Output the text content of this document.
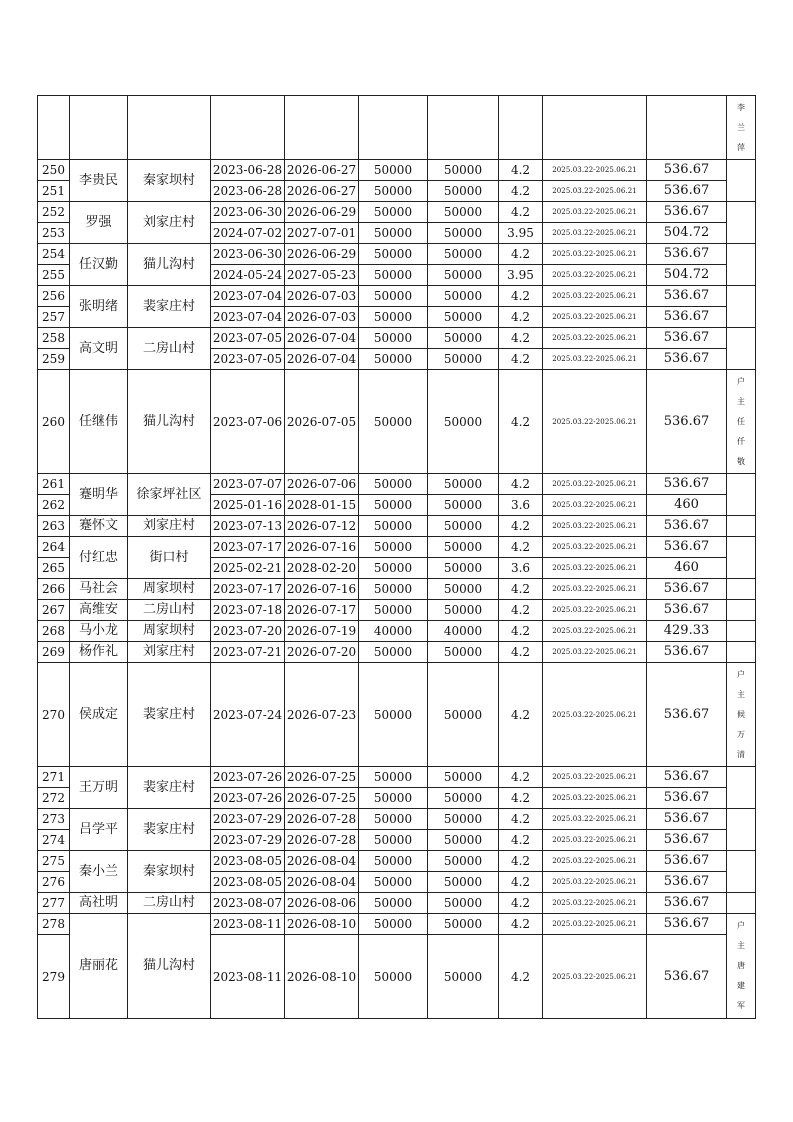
										李
兰
萍

250	李贵民	秦家坝村	2023-06-28	2026-06-27	50000	50000	4.2	2025.03.22-2025.06.21	536.67	
251			2023-06-28	2026-06-27	50000	50000	4.2	2025.03.22-2025.06.21	536.67	
252	罗强	刘家庄村	2023-06-30	2026-06-29	50000	50000	4.2	2025.03.22-2025.06.21	536.67	
253			2024-07-02	2027-07-01	50000	50000	3.95	2025.03.22-2025.06.21	504.72	
254	任汉勤	猫儿沟村	2023-06-30	2026-06-29	50000	50000	4.2	2025.03.22-2025.06.21	536.67	
255			2024-05-24	2027-05-23	50000	50000	3.95	2025.03.22-2025.06.21	504.72	
256	张明绪	裴家庄村	2023-07-04	2026-07-03	50000	50000	4.2	2025.03.22-2025.06.21	536.67	
257			2023-07-04	2026-07-03	50000	50000	4.2	2025.03.22-2025.06.21	536.67	
258	高文明	二房山村	2023-07-05	2026-07-04	50000	50000	4.2	2025.03.22-2025.06.21	536.67	
259			2023-07-05	2026-07-04	50000	50000	4.2	2025.03.22-2025.06.21	536.67	
260	任继伟	猫儿沟村	2023-07-06	2026-07-05	50000	50000	4.2	2025.03.22-2025.06.21	536.67	户
主
任
仟
敬

261	蹇明华	徐家坪社区	2023-07-07	2026-07-06	50000	50000	4.2	2025.03.22-2025.06.21	536.67	
262			2025-01-16	2028-01-15	50000	50000	3.6	2025.03.22-2025.06.21	460	
263	蹇怀文	刘家庄村	2023-07-13	2026-07-12	50000	50000	4.2	2025.03.22-2025.06.21	536.67	
264	付红忠	街口村	2023-07-17	2026-07-16	50000	50000	4.2	2025.03.22-2025.06.21	536.67	
265			2025-02-21	2028-02-20	50000	50000	3.6	2025.03.22-2025.06.21	460	
266	马社会	周家坝村	2023-07-17	2026-07-16	50000	50000	4.2	2025.03.22-2025.06.21	536.67	
267	高维安	二房山村	2023-07-18	2026-07-17	50000	50000	4.2	2025.03.22-2025.06.21	536.67	
268	马小龙	周家坝村	2023-07-20	2026-07-19	40000	40000	4.2	2025.03.22-2025.06.21	429.33	
269	杨作礼	刘家庄村	2023-07-21	2026-07-20	50000	50000	4.2	2025.03.22-2025.06.21	536.67	
270	侯成定	裴家庄村	2023-07-24	2026-07-23	50000	50000	4.2	2025.03.22-2025.06.21	536.67	户
主
候
万
清

271	王万明	裴家庄村	2023-07-26	2026-07-25	50000	50000	4.2	2025.03.22-2025.06.21	536.67	
272			2023-07-26	2026-07-25	50000	50000	4.2	2025.03.22-2025.06.21	536.67	
273	吕学平	裴家庄村	2023-07-29	2026-07-28	50000	50000	4.2	2025.03.22-2025.06.21	536.67	
274			2023-07-29	2026-07-28	50000	50000	4.2	2025.03.22-2025.06.21	536.67	
275	秦小兰	秦家坝村	2023-08-05	2026-08-04	50000	50000	4.2	2025.03.22-2025.06.21	536.67	
276			2023-08-05	2026-08-04	50000	50000	4.2	2025.03.22-2025.06.21	536.67	
277	高社明	二房山村	2023-08-07	2026-08-06	50000	50000	4.2	2025.03.22-2025.06.21	536.67	
278	唐丽花	猫儿沟村	2023-08-11	2026-08-10	50000	50000	4.2	2025.03.22-2025.06.21	536.67	户
主
唐
建
军

279			2023-08-11	2026-08-10	50000	50000	4.2	2025.03.22-2025.06.21	536.67	
